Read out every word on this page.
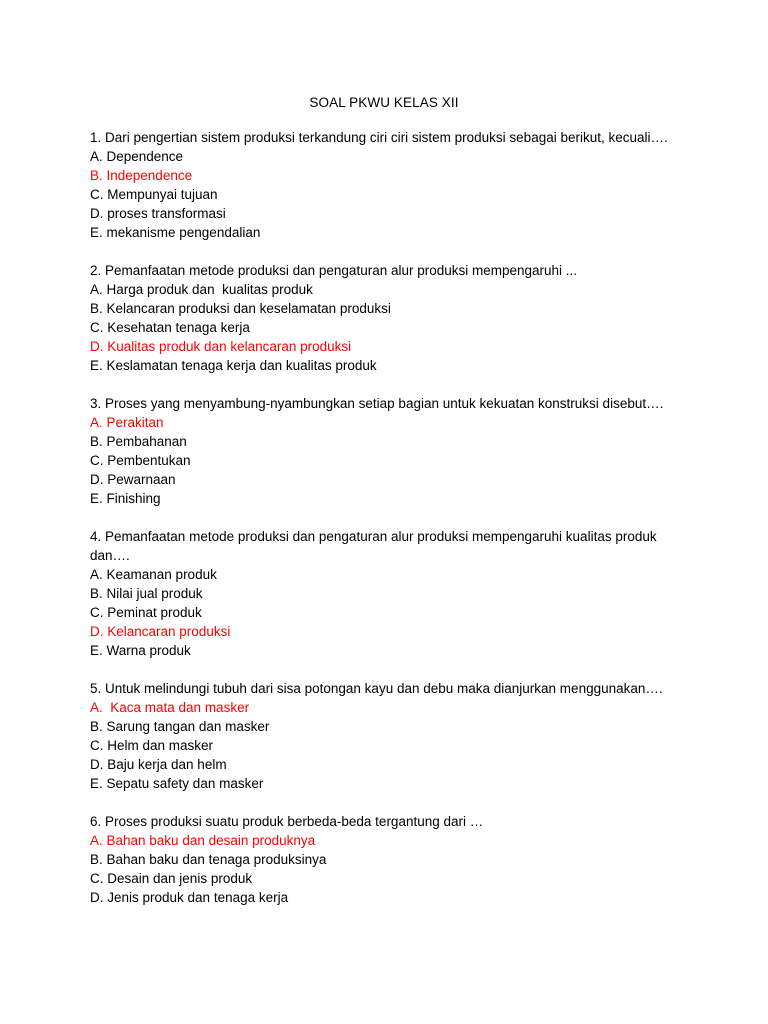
SOAL PKWU KELAS XII

1. Dari pengertian sistem produksi terkandung ciri ciri sistem produksi sebagai berikut, kecuali….

A. Dependence

B. Independence

C. Mempunyai tujuan

D. proses transformasi

E. mekanisme pengendalian

2. Pemanfaatan metode produksi dan pengaturan alur produksi mempengaruhi ...

A. Harga produk dan  kualitas produk

B. Kelancaran produksi dan keselamatan produksi

C. Kesehatan tenaga kerja

D. Kualitas produk dan kelancaran produksi

E. Keslamatan tenaga kerja dan kualitas produk

3. Proses yang menyambung-nyambungkan setiap bagian untuk kekuatan konstruksi disebut….

A. Perakitan

B. Pembahanan

C. Pembentukan

D. Pewarnaan

E. Finishing

4. Pemanfaatan metode produksi dan pengaturan alur produksi mempengaruhi kualitas produk dan….

A. Keamanan produk

B. Nilai jual produk

C. Peminat produk

D. Kelancaran produksi

E. Warna produk

5. Untuk melindungi tubuh dari sisa potongan kayu dan debu maka dianjurkan menggunakan….

A.  Kaca mata dan masker

B. Sarung tangan dan masker

C. Helm dan masker

D. Baju kerja dan helm

E. Sepatu safety dan masker

6. Proses produksi suatu produk berbeda-beda tergantung dari …

A. Bahan baku dan desain produknya

B. Bahan baku dan tenaga produksinya

C. Desain dan jenis produk

D. Jenis produk dan tenaga kerja
